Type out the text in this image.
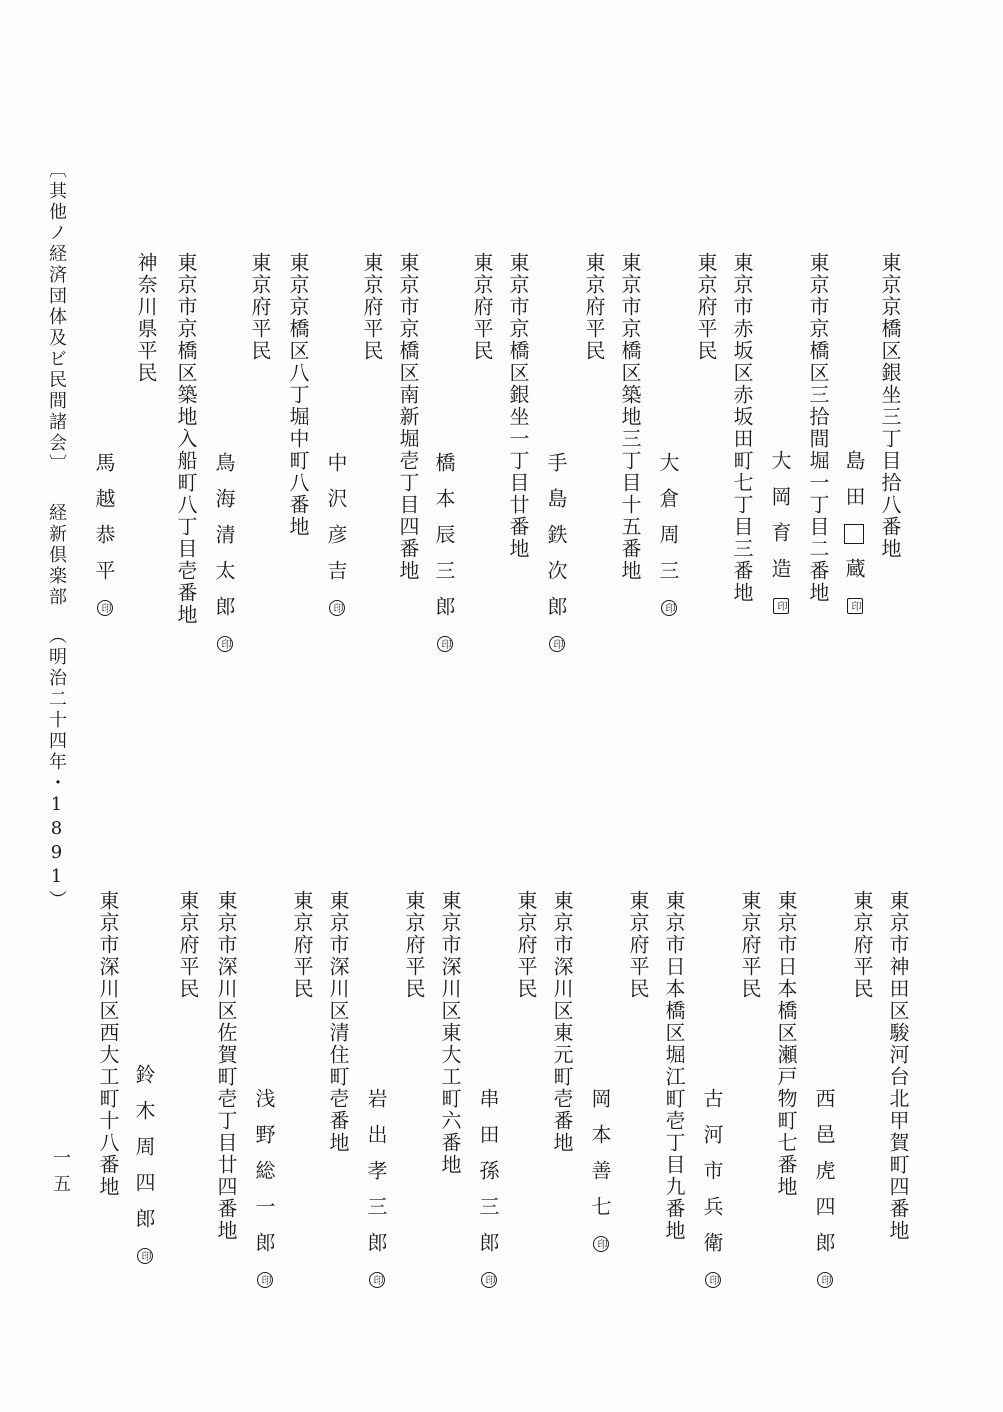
東京京橋区銀坐三丁目拾八番地
島田蔵印
東京市京橋区三拾間堀一丁目二番地
大岡育造印
東京市赤坂区赤坂田町七丁目三番地
東京府平民
大倉周三印
東京市京橋区築地三丁目十五番地
東京府平民
手島鉄次郎印
東京市京橋区銀坐一丁目廿番地
東京府平民
橋本辰三郎印
東京市京橋区南新堀壱丁目四番地
東京府平民
中沢彦吉印
東京京橋区八丁堀中町八番地
東京府平民
鳥海清太郎印
東京市京橋区築地入船町八丁目壱番地
神奈川県平民
馬越恭平印
〔其他ノ経済団体及ビ民間諸会〕経新倶楽部（明治二十四年・1891）
東京市神田区駿河台北甲賀町四番地
東京府平民
西邑虎四郎印
東京市日本橋区瀬戸物町七番地
東京府平民
古河市兵衛印
東京市日本橋区堀江町壱丁目九番地
東京府平民
岡本善七印
東京市深川区東元町壱番地
東京府平民
串田孫三郎印
東京市深川区東大工町六番地
東京府平民
岩出孝三郎印
東京市深川区清住町壱番地
東京府平民
浅野総一郎印
東京市深川区佐賀町壱丁目廿四番地
東京府平民
鈴木周四郎印
東京市深川区西大工町十八番地
一五
